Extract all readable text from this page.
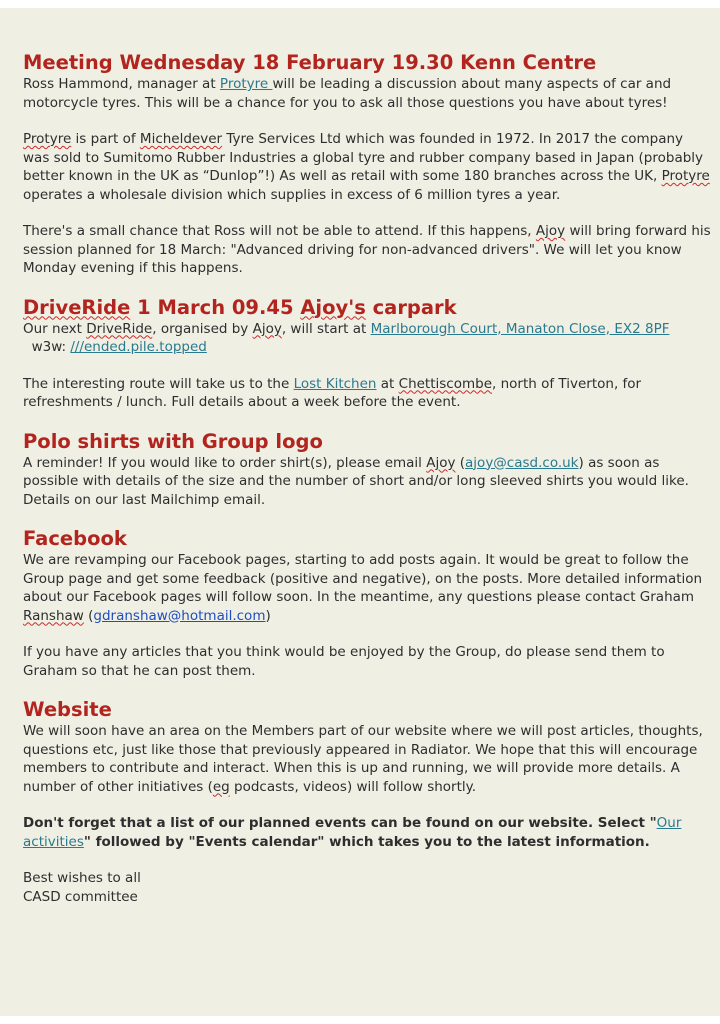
Meeting Wednesday 18 February 19.30 Kenn Centre

Ross Hammond, manager at Protyre will be leading a discussion about many aspects of car and motorcycle tyres. This will be a chance for you to ask all those questions you have about tyres!

Protyre is part of Micheldever Tyre Services Ltd which was founded in 1972. In 2017 the company was sold to Sumitomo Rubber Industries a global tyre and rubber company based in Japan (probably better known in the UK as “Dunlop”!) As well as retail with some 180 branches across the UK, Protyre operates a wholesale division which supplies in excess of 6 million tyres a year.

There's a small chance that Ross will not be able to attend. If this happens, Ajoy will bring forward his session planned for 18 March: "Advanced driving for non-advanced drivers". We will let you know Monday evening if this happens.

DriveRide 1 March 09.45 Ajoy's carpark

Our next DriveRide, organised by Ajoy, will start at Marlborough Court, Manaton Close, EX2 8PF  w3w: ///ended.pile.topped

The interesting route will take us to the Lost Kitchen at Chettiscombe, north of Tiverton, for refreshments / lunch. Full details about a week before the event.

Polo shirts with Group logo

A reminder! If you would like to order shirt(s), please email Ajoy (ajoy@casd.co.uk) as soon as possible with details of the size and the number of short and/or long sleeved shirts you would like. Details on our last Mailchimp email.

Facebook

We are revamping our Facebook pages, starting to add posts again. It would be great to follow the Group page and get some feedback (positive and negative), on the posts. More detailed information about our Facebook pages will follow soon. In the meantime, any questions please contact Graham Ranshaw (gdranshaw@hotmail.com)

If you have any articles that you think would be enjoyed by the Group, do please send them to Graham so that he can post them.

Website

We will soon have an area on the Members part of our website where we will post articles, thoughts, questions etc, just like those that previously appeared in Radiator. We hope that this will encourage members to contribute and interact. When this is up and running, we will provide more details. A number of other initiatives (eg podcasts, videos) will follow shortly.

Don't forget that a list of our planned events can be found on our website. Select "Our activities" followed by "Events calendar" which takes you to the latest information.

Best wishes to all
CASD committee
